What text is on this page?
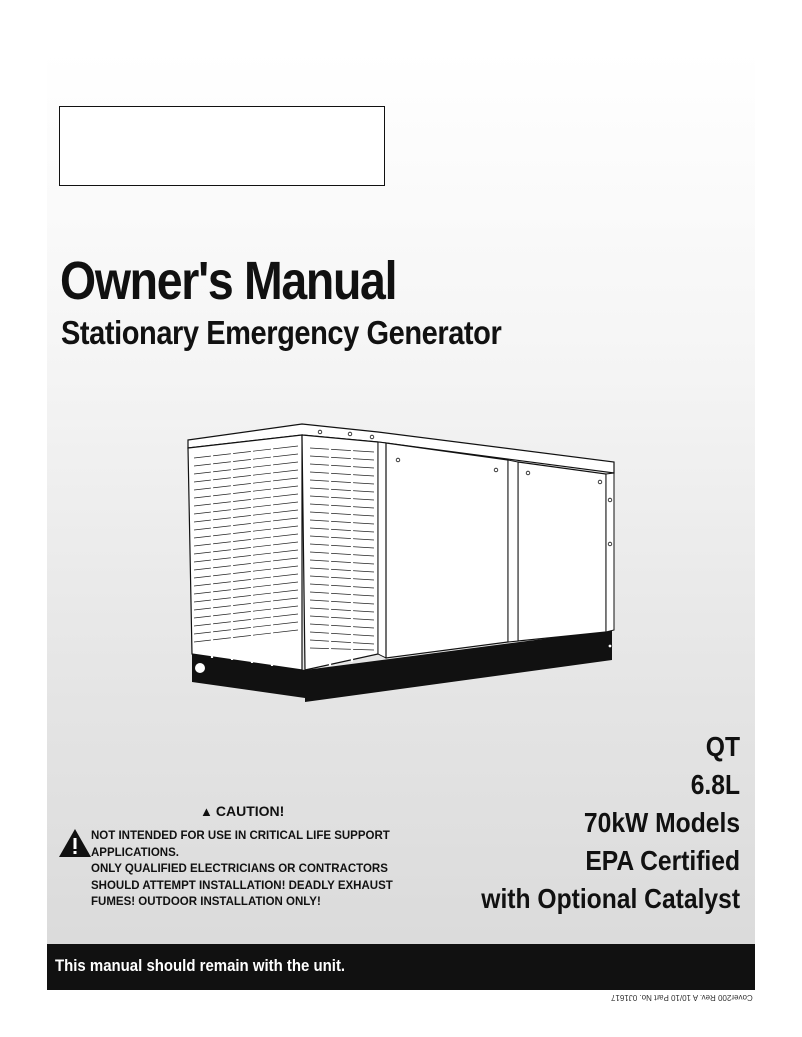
Owner's Manual
Stationary Emergency Generator
QT
6.8L
70kW Models
EPA Certified
with Optional Catalyst
▲ CAUTION!
NOT INTENDED FOR USE IN CRITICAL LIFE SUPPORT
APPLICATIONS.
ONLY QUALIFIED ELECTRICIANS OR CONTRACTORS
SHOULD ATTEMPT INSTALLATION! DEADLY EXHAUST
FUMES! OUTDOOR INSTALLATION ONLY!
This manual should remain with the unit.
Cover200 Rev. A 10/10 Part No. 0J1617
